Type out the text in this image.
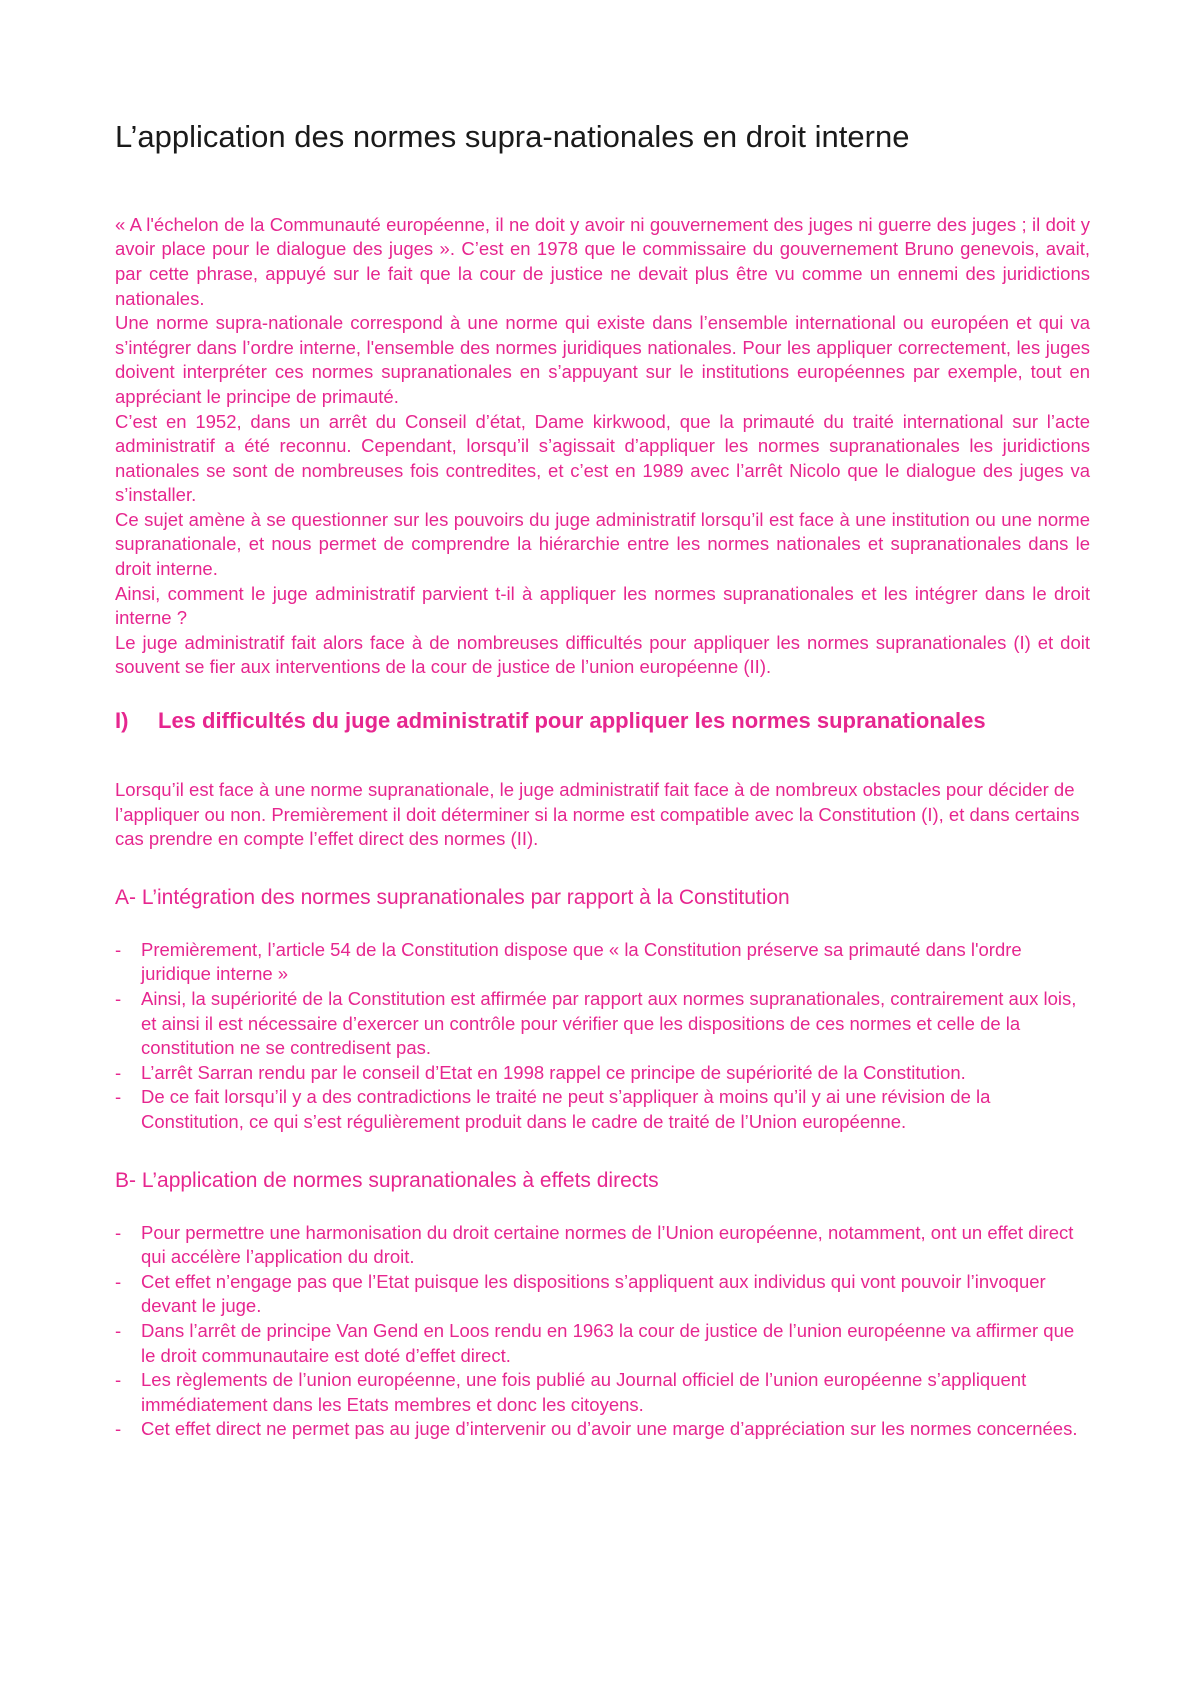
L’application des normes supra-nationales en droit interne

« A l'échelon de la Communauté européenne, il ne doit y avoir ni gouvernement des juges ni guerre des juges ; il doit y avoir place pour le dialogue des juges ». C’est en 1978 que le commissaire du gouvernement Bruno genevois, avait, par cette phrase, appuyé sur le fait que la cour de justice ne devait plus être vu comme un ennemi des juridictions nationales.

Une norme supra-nationale correspond à une norme qui existe dans l’ensemble international ou européen et qui va s’intégrer dans l’ordre interne, l'ensemble des normes juridiques nationales. Pour les appliquer correctement, les juges doivent interpréter ces normes supranationales en s’appuyant sur le institutions européennes par exemple, tout en appréciant le principe de primauté.

C’est en 1952, dans un arrêt du Conseil d’état, Dame kirkwood, que la primauté du traité international sur l’acte administratif a été reconnu. Cependant, lorsqu’il s’agissait d’appliquer les normes supranationales les juridictions nationales se sont de nombreuses fois contredites, et c’est en 1989 avec l’arrêt Nicolo que le dialogue des juges va s’installer.

Ce sujet amène à se questionner sur les pouvoirs du juge administratif lorsqu’il est face à une institution ou une norme supranationale, et nous permet de comprendre la hiérarchie entre les normes nationales et supranationales dans le droit interne.

Ainsi, comment le juge administratif parvient t-il à appliquer les normes supranationales et les intégrer dans le droit interne ?

Le juge administratif fait alors face à de nombreuses difficultés pour appliquer les normes supranationales (I) et doit souvent se fier aux interventions de la cour de justice de l’union européenne (II).

I)	Les difficultés du juge administratif pour appliquer les normes supranationales

Lorsqu’il est face à une norme supranationale, le juge administratif fait face à de nombreux obstacles pour décider de l’appliquer ou non. Premièrement il doit déterminer si la norme est compatible avec la Constitution (I), et dans certains cas prendre en compte l’effet direct des normes (II).

A- L’intégration des normes supranationales par rapport à la Constitution
- Premièrement, l’article 54 de la Constitution dispose que « la Constitution préserve sa primauté dans l'ordre juridique interne »
- Ainsi, la supériorité de la Constitution est affirmée par rapport aux normes supranationales, contrairement aux lois, et ainsi il est nécessaire d’exercer un contrôle pour vérifier que les dispositions de ces normes et celle de la constitution ne se contredisent pas.
- L’arrêt Sarran rendu par le conseil d’Etat en 1998 rappel ce principe de supériorité de la Constitution.
- De ce fait lorsqu’il y a des contradictions le traité ne peut s’appliquer à moins qu’il y ai une révision de la Constitution, ce qui s’est régulièrement produit dans le cadre de traité de l’Union européenne.
B- L’application de normes supranationales à effets directs
- Pour permettre une harmonisation du droit certaine normes de l’Union européenne, notamment, ont un effet direct qui accélère l’application du droit.
- Cet effet n’engage pas que l’Etat puisque les dispositions s’appliquent aux individus qui vont pouvoir l’invoquer devant le juge.
- Dans l’arrêt de principe Van Gend en Loos rendu en 1963 la cour de justice de l’union européenne va affirmer que le droit communautaire est doté d’effet direct.
- Les règlements de l’union européenne, une fois publié au Journal officiel de l’union européenne s’appliquent immédiatement dans les Etats membres et donc les citoyens.
- Cet effet direct ne permet pas au juge d’intervenir ou d’avoir une marge d’appréciation sur les normes concernées.
